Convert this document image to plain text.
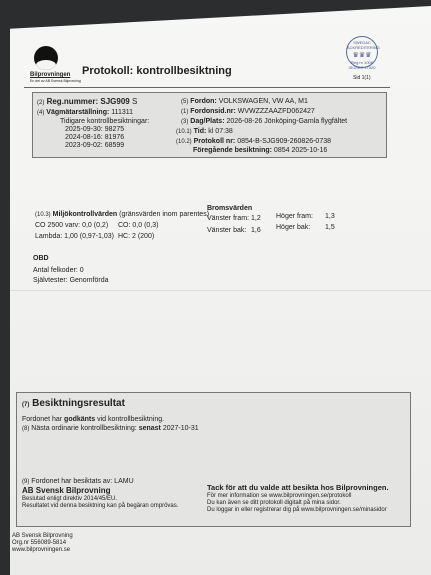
Bilprovningen
En del av AB Svensk Bilprovning
Protokoll: kontrollbesiktning
Sid 1(1)
SWEDAC ACKREDITERING
♛♛♛
Reg nr 1006 ISO/IEC 17020
(2) Reg.nummer: SJG909 S
(4) Vägmätarställning: 111311
Tidigare kontrollbesiktningar:
2025-09-30: 98275
2024-08-16: 81976
2023-09-02: 68599
(5) Fordon: VOLKSWAGEN, VW AA, M1
(1) Fordonsid.nr: WVWZZZAAZFD062427
(3) Dag/Plats: 2026-08-26 Jönköping-Gamla flygfältet
(10.1) Tid: kl 07:38
(10.2) Protokoll nr: 0854-B-SJG909-260826-0738
Föregående besiktning: 0854 2025-10-16
(10.3) Miljökontrollvärden (gränsvärden inom parentes)
CO 2500 varv: 0,0 (0,2) CO: 0,0 (0,3)
Lambda: 1,00 (0,97-1,03) HC: 2 (200)
Bromsvärden
Vänster fram: 1,2 Höger fram: 1,3
Vänster bak: 1,6 Höger bak: 1,5
OBD
Antal felkoder: 0
Självtester: Genomförda
(7) Besiktningsresultat
Fordonet har godkänts vid kontrollbesiktning.
(8) Nästa ordinarie kontrollbesiktning: senast 2027-10-31
(9) Fordonet har besiktats av: LAMU
AB Svensk Bilprovning
Beslutad enligt direktiv 2014/45/EU.
Resultatet vid denna besiktning kan på begäran omprövas.
Tack för att du valde att besikta hos Bilprovningen.
För mer information se www.bilprovningen.se/protokoll
Du kan även se ditt protokoll digitalt på mina sidor.
Du loggar in eller registrerar dig på www.bilprovningen.se/minasidor
AB Svensk Bilprovning
Org.nr 556089-5814
www.bilprovningen.se
